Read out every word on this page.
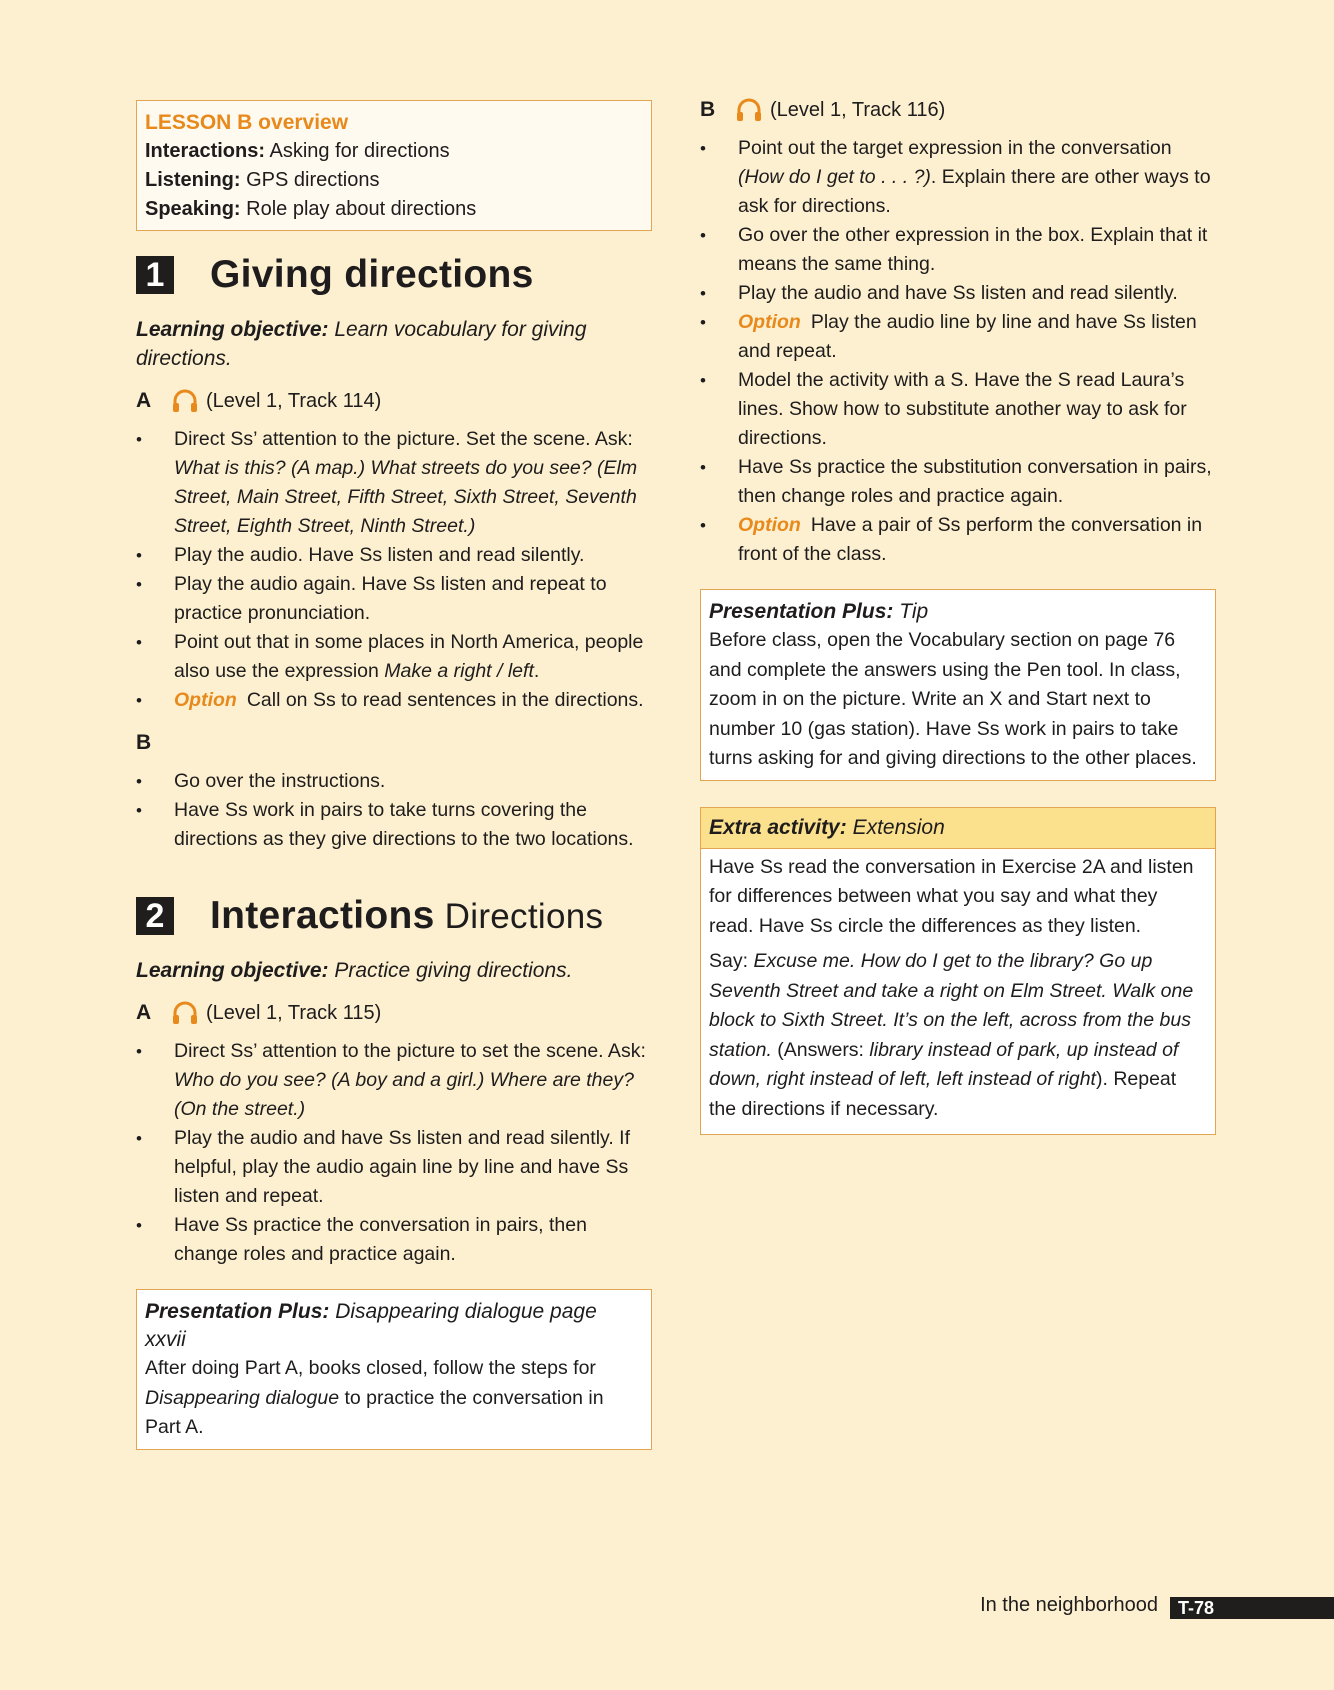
LESSON B overview
Interactions: Asking for directions
Listening: GPS directions
Speaking: Role play about directions
1 Giving directions
Learning objective: Learn vocabulary for giving directions.
A	(Level 1, Track 114)
• Direct Ss’ attention to the picture. Set the scene. Ask: What is this? (A map.) What streets do you see? (Elm Street, Main Street, Fifth Street, Sixth Street, Seventh Street, Eighth Street, Ninth Street.)
• Play the audio. Have Ss listen and read silently.
• Play the audio again. Have Ss listen and repeat to practice pronunciation.
• Point out that in some places in North America, people also use the expression Make a right / left.
• Option Call on Ss to read sentences in the directions.
B
• Go over the instructions.
• Have Ss work in pairs to take turns covering the directions as they give directions to the two locations.
2 Interactions Directions
Learning objective: Practice giving directions.
A	(Level 1, Track 115)
• Direct Ss’ attention to the picture to set the scene. Ask: Who do you see? (A boy and a girl.) Where are they? (On the street.)
• Play the audio and have Ss listen and read silently. If helpful, play the audio again line by line and have Ss listen and repeat.
• Have Ss practice the conversation in pairs, then change roles and practice again.
Presentation Plus: Disappearing dialogue page xxvii
After doing Part A, books closed, follow the steps for Disappearing dialogue to practice the conversation in Part A.
B	(Level 1, Track 116)
• Point out the target expression in the conversation (How do I get to . . . ?). Explain there are other ways to ask for directions.
• Go over the other expression in the box. Explain that it means the same thing.
• Play the audio and have Ss listen and read silently.
• Option Play the audio line by line and have Ss listen and repeat.
• Model the activity with a S. Have the S read Laura’s lines. Show how to substitute another way to ask for directions.
• Have Ss practice the substitution conversation in pairs, then change roles and practice again.
• Option Have a pair of Ss perform the conversation in front of the class.
Presentation Plus: Tip
Before class, open the Vocabulary section on page 76 and complete the answers using the Pen tool. In class, zoom in on the picture. Write an X and Start next to number 10 (gas station). Have Ss work in pairs to take turns asking for and giving directions to the other places.
Extra activity: Extension

Have Ss read the conversation in Exercise 2A and listen for differences between what you say and what they read. Have Ss circle the differences as they listen.

Say: Excuse me. How do I get to the library? Go up Seventh Street and take a right on Elm Street. Walk one block to Sixth Street. It’s on the left, across from the bus station. (Answers: library instead of park, up instead of down, right instead of left, left instead of right). Repeat the directions if necessary.

In the neighborhood	T-78
